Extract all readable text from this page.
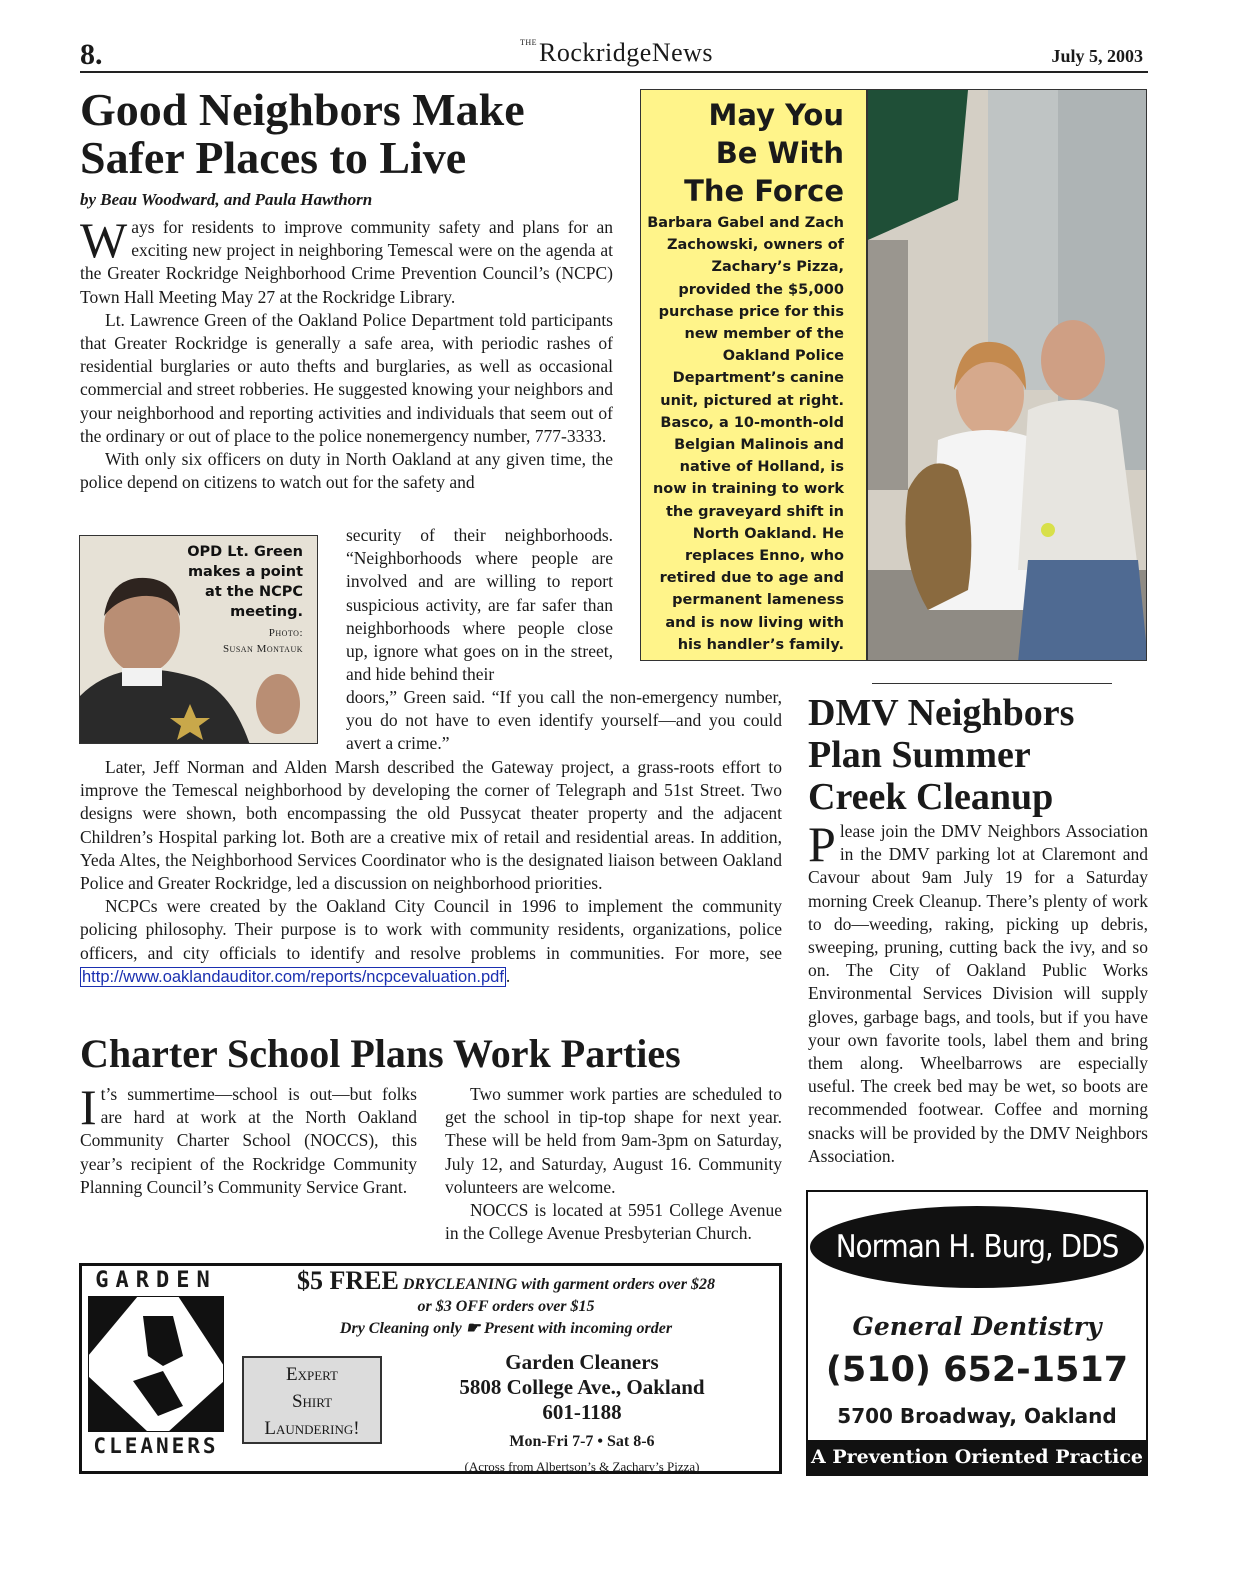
8.	$^{THE}$RockridgeNews	July 5, 2003
Good Neighbors Make
Safer Places to Live
by Beau Woodward, and Paula Hawthorn

Ways for residents to improve community safety and plans for an exciting new project in neighboring Temescal were on the agenda at the Greater Rockridge Neighborhood Crime Prevention Council’s (NCPC) Town Hall Meeting May 27 at the Rockridge Library.

Lt. Lawrence Green of the Oakland Police Department told participants that Greater Rockridge is generally a safe area, with periodic rashes of residential burglaries or auto thefts and burglaries, as well as occasional commercial and street robberies. He suggested knowing your neighbors and your neighborhood and reporting activities and individuals that seem out of the ordinary or out of place to the police nonemergency number, 777-3333.

With only six officers on duty in North Oakland at any given time, the police depend on citizens to watch out for the safety and

security of their neighborhoods. “Neighborhoods where people are involved and are willing to report suspicious activity, are far safer than neighborhoods where people close up, ignore what goes on in the street, and hide behind their

doors,” Green said. “If you call the non-emergency number, you do not have to even identify yourself—and you could avert a crime.”

OPD Lt. Green makes a point at the NCPC meeting.
Photo:
Susan Montauk

Later, Jeff Norman and Alden Marsh described the Gateway project, a grass-roots effort to improve the Temescal neighborhood by developing the corner of Telegraph and 51st Street. Two designs were shown, both encompassing the old Pussycat theater property and the adjacent Children’s Hospital parking lot. Both are a creative mix of retail and residential areas. In addition, Yeda Altes, the Neighborhood Services Coordinator who is the designated liaison between Oakland Police and Greater Rockridge, led a discussion on neighborhood priorities.

NCPCs were created by the Oakland City Council in 1996 to implement the community policing philosophy. Their purpose is to work with community residents, organizations, police officers, and city officials to identify and resolve problems in communities. For more, see http://www.oaklandauditor.com/reports/ncpcevaluation.pdf .

May You
Be With
The Force
Barbara Gabel and Zach Zachowski, owners of Zachary’s Pizza, provided the $5,000 purchase price for this new member of the Oakland Police Department’s canine unit, pictured at right. Basco, a 10-month-old Belgian Malinois and native of Holland, is now in training to work the graveyard shift in North Oakland. He replaces Enno, who retired due to age and permanent lameness and is now living with his handler’s family.
DMV Neighbors
Plan Summer
Creek Cleanup

Please join the DMV Neighbors Association in the DMV parking lot at Claremont and Cavour about 9am July 19 for a Saturday morning Creek Cleanup. There’s plenty of work to do—weeding, raking, picking up debris, sweeping, pruning, cutting back the ivy, and so on. The City of Oakland Public Works Environmental Services Division will supply gloves, garbage bags, and tools, but if you have your own favorite tools, label them and bring them along. Wheelbarrows are especially useful. The creek bed may be wet, so boots are recommended footwear. Coffee and morning snacks will be provided by the DMV Neighbors Association.

Charter School Plans Work Parties

It’s summertime—school is out—but folks are hard at work at the North Oakland Community Charter School (NOCCS), this year’s recipient of the Rockridge Community Planning Council’s Community Service Grant.

Two summer work parties are scheduled to get the school in tip-top shape for next year. These will be held from 9am-3pm on Saturday, July 12, and Saturday, August 16. Community volunteers are welcome.

NOCCS is located at 5951 College Avenue in the College Avenue Presbyterian Church.

GARDEN
CLEANERS
$5 FREE DRYCLEANING with garment orders over $28
or $3 OFF orders over $15
Dry Cleaning only ☛ Present with incoming order
Expert
Shirt
Laundering!
Garden Cleaners
5808 College Ave., Oakland
601-1188
Mon-Fri 7-7 • Sat 8-6
(Across from Albertson’s & Zachary’s Pizza)
Norman H. Burg, DDS
General Dentistry
(510) 652-1517
5700 Broadway, Oakland
A Prevention Oriented Practice
